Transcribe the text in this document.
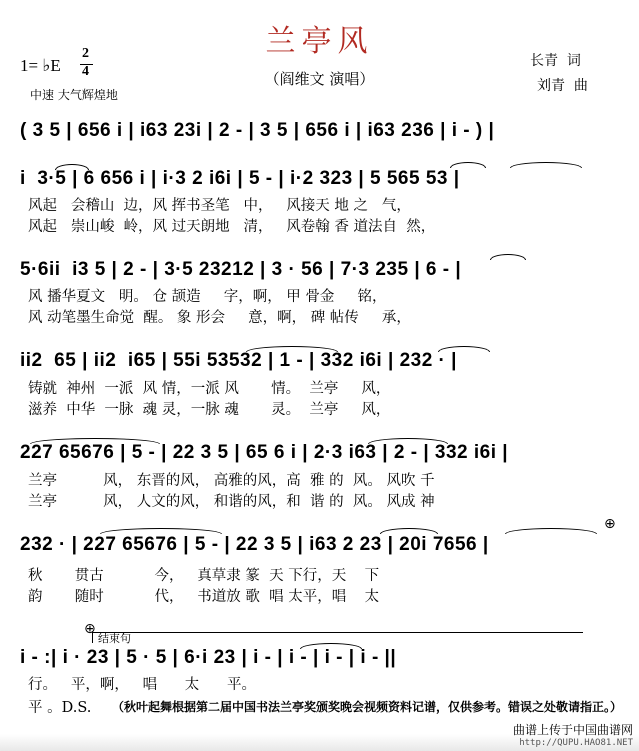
兰亭风
（阎维文 演唱）
长青  词
刘青  曲
1= ♭E
2
4
中速 大气辉煌地
( 3 5 | 656 i | i63 23i | 2 - | 3 5 | 656 i | i63 236 | i - ) |
i  3·5 | 6 656 i | i·3 2 i6i | 5 - | i·2 323 | 5 565 53 |
风起   会稽山  边，风 挥书圣笔   中，   风接天 地 之   气，
风起   崇山峻  岭，风 过天朗地   清，   风卷翰 香 道法自  然，
5·6ii  i3 5 | 2 - | 3·5 23212 | 3 · 56 | 7·3 235 | 6 - |
风 播华夏文   明。 仓 颉造     字，啊， 甲 骨金     铭，
风 动笔墨生命觉  醒。 象 形会     意，啊， 碑 帖传     承，
ii2  65 | ii2  i65 | 55i 53532 | 1 - | 332 i6i | 232 · |
铸就  神州  一派  风 情，一派 风       情。  兰亭     风，
滋养  中华  一脉  魂 灵，一脉 魂       灵。  兰亭     风，
227 65676 | 5 - | 22 3 5 | 65 6 i | 2·3 i63 | 2 - | 332 i6i |
兰亭          风， 东晋的风， 高雅的风，高  雅 的  风。 风吹 千
兰亭          风， 人文的风， 和谐的风，和  谐 的  风。 风成 神
232 · | 227 65676 | 5 - | 22 3 5 | i63 2 23 | 20i 7656 |
秋       贯古           今，   真草隶 篆  天 下行，天    下
韵       随时           代，   书道放 歌  唱 太平，唱    太
⊕
结束句
⊕
i - :| i · 23 | 5 · 5 | 6·i 23 | i - | i - | i - | i - ||
行。   平，啊，   唱      太      平。
平 。D.S. （秋叶起舞根据第二届中国书法兰亭奖颁奖晚会视频资料记谱，仅供参考。错误之处敬请指正。）
曲谱上传于中国曲谱网
http://QUPU.HAO81.NET
